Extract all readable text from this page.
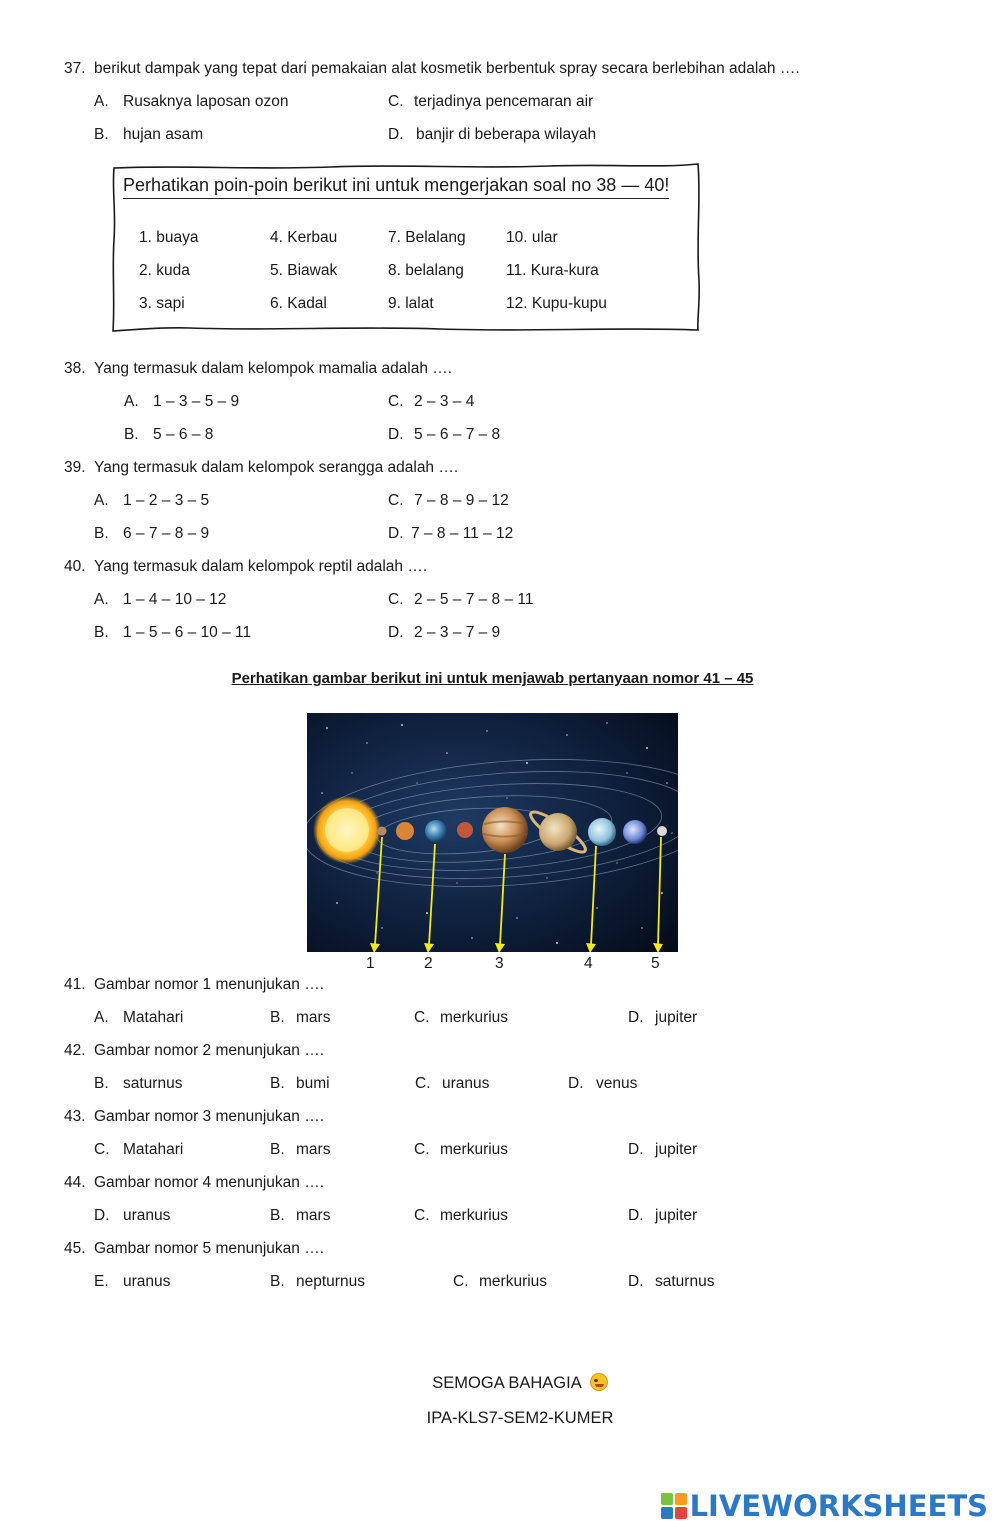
37. berikut dampak yang tepat dari pemakaian alat kosmetik berbentuk spray secara berlebihan adalah ….
A. Rusaknya laposan ozon	C. terjadinya pencemaran air
B. hujan asam	D. banjir di beberapa wilayah
Perhatikan poin-poin berikut ini untuk mengerjakan soal no 38 — 40!
1. buaya	4. Kerbau	7. Belalang	10. ular
2. kuda	5. Biawak	8. belalang	11. Kura-kura
3. sapi	6. Kadal	9. lalat	12. Kupu-kupu
38. Yang termasuk dalam kelompok mamalia adalah ….
A. 1 – 3 – 5 – 9	C. 2 – 3 – 4
B. 5 – 6 – 8	D. 5 – 6 – 7 – 8
39. Yang termasuk dalam kelompok serangga adalah ….
A. 1 – 2 – 3 – 5	C. 7 – 8 – 9 – 12
B. 6 – 7 – 8 – 9	D. 7 – 8 – 11 – 12
40. Yang termasuk dalam kelompok reptil adalah ….
A. 1 – 4 – 10 – 12	C. 2 – 5 – 7 – 8 – 11
B. 1 – 5 – 6 – 10 – 11	D. 2 – 3 – 7 – 9
Perhatikan gambar berikut ini untuk menjawab pertanyaan nomor 41 – 45
1	2	3	4	5
41. Gambar nomor 1 menunjukan ….
A. Matahari	B. mars	C. merkurius	D. jupiter
42. Gambar nomor 2 menunjukan ….
B. saturnus	B. bumi	C. uranus	D. venus
43. Gambar nomor 3 menunjukan ….
C. Matahari	B. mars	C. merkurius	D. jupiter
44. Gambar nomor 4 menunjukan ….
D. uranus	B. mars	C. merkurius	D. jupiter
45. Gambar nomor 5 menunjukan ….
E. uranus	B. nepturnus	C. merkurius	D. saturnus
SEMOGA BAHAGIA
IPA-KLS7-SEM2-KUMER
LIVEWORKSHEETS
